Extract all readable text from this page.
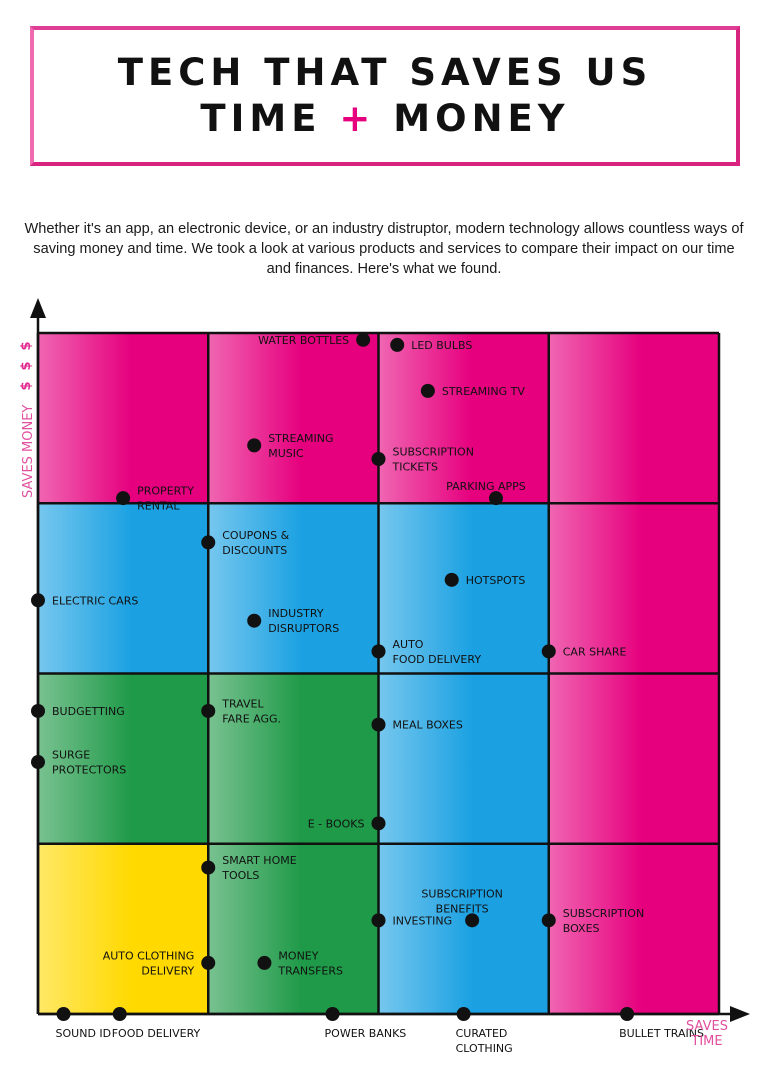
TECH THAT SAVES US
TIME + MONEY
Whether it's an app, an electronic device, or an industry distruptor, modern technology allows countless ways of saving money and time. We took a look at various products and services to compare their impact on our time and finances. Here's what we found.
WATER BOTTLES	LED BULBS
STREAMING TV
STREAMING MUSIC	SUBSCRIPTION TICKETS
PARKING APPS
PROPERTY RENTAL
COUPONS & DISCOUNTS
HOTSPOTS
ELECTRIC CARS
INDUSTRY DISRUPTORS
AUTO FOOD DELIVERY
CAR SHARE
BUDGETTING
TRAVEL FARE AGG.	MEAL BOXES
SURGE PROTECTORS
E - BOOKS
SMART HOME TOOLS
SUBSCRIPTION BENEFITS
INVESTING
SUBSCRIPTION BOXES
AUTO CLOTHING DELIVERY
MONEY TRANSFERS
SOUND ID FOOD DELIVERY	POWER BANKS	CURATED CLOTHING
BULLET TRAINS
SAVES TIME
SAVES MONEY
$
$
$
